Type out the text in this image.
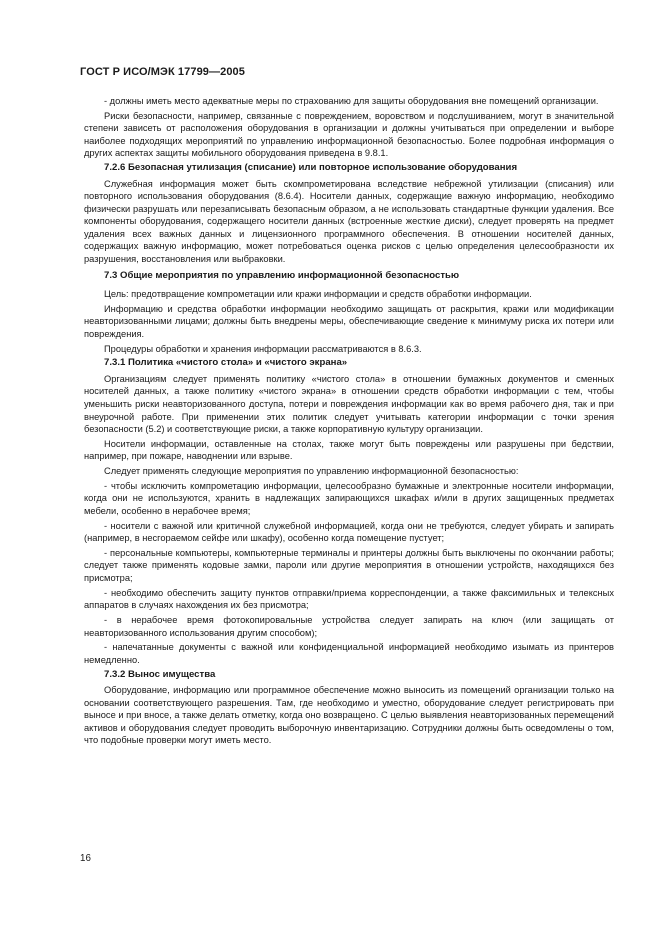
ГОСТ Р ИСО/МЭК 17799—2005

- должны иметь место адекватные меры по страхованию для защиты оборудования вне помещений организации.

Риски безопасности, например, связанные с повреждением, воровством и подслушиванием, могут в значительной степени зависеть от расположения оборудования в организации и должны учитываться при определении и выборе наиболее подходящих мероприятий по управлению информационной безопасностью. Более подробная информация о других аспектах защиты мобильного оборудования приведена в 9.8.1.

7.2.6 Безопасная утилизация (списание) или повторное использование оборудования

Служебная информация может быть скомпрометирована вследствие небрежной утилизации (списания) или повторного использования оборудования (8.6.4). Носители данных, содержащие важную информацию, необходимо физически разрушать или перезаписывать безопасным образом, а не использовать стандартные функции удаления. Все компоненты оборудования, содержащего носители данных (встроенные жесткие диски), следует проверять на предмет удаления всех важных данных и лицензионного программного обеспечения. В отношении носителей данных, содержащих важную информацию, может потребоваться оценка рисков с целью определения целесообразности их разрушения, восстановления или выбраковки.

7.3 Общие мероприятия по управлению информационной безопасностью

Цель: предотвращение компрометации или кражи информации и средств обработки информации.

Информацию и средства обработки информации необходимо защищать от раскрытия, кражи или модификации неавторизованными лицами; должны быть внедрены меры, обеспечивающие сведение к минимуму риска их потери или повреждения.

Процедуры обработки и хранения информации рассматриваются в 8.6.3.

7.3.1 Политика «чистого стола» и «чистого экрана»

Организациям следует применять политику «чистого стола» в отношении бумажных документов и сменных носителей данных, а также политику «чистого экрана» в отношении средств обработки информации с тем, чтобы уменьшить риски неавторизованного доступа, потери и повреждения информации как во время рабочего дня, так и при внеурочной работе. При применении этих политик следует учитывать категории информации с точки зрения безопасности (5.2) и соответствующие риски, а также корпоративную культуру организации.

Носители информации, оставленные на столах, также могут быть повреждены или разрушены при бедствии, например, при пожаре, наводнении или взрыве.

Следует применять следующие мероприятия по управлению информационной безопасностью:

- чтобы исключить компрометацию информации, целесообразно бумажные и электронные носители информации, когда они не используются, хранить в надлежащих запирающихся шкафах и/или в других защищенных предметах мебели, особенно в нерабочее время;

- носители с важной или критичной служебной информацией, когда они не требуются, следует убирать и запирать (например, в несгораемом сейфе или шкафу), особенно когда помещение пустует;

- персональные компьютеры, компьютерные терминалы и принтеры должны быть выключены по окончании работы; следует также применять кодовые замки, пароли или другие мероприятия в отношении устройств, находящихся без присмотра;

- необходимо обеспечить защиту пунктов отправки/приема корреспонденции, а также факсимильных и телексных аппаратов в случаях нахождения их без присмотра;

- в нерабочее время фотокопировальные устройства следует запирать на ключ (или защищать от неавторизованного использования другим способом);

- напечатанные документы с важной или конфиденциальной информацией необходимо изымать из принтеров немедленно.

7.3.2 Вынос имущества

Оборудование, информацию или программное обеспечение можно выносить из помещений организации только на основании соответствующего разрешения. Там, где необходимо и уместно, оборудование следует регистрировать при выносе и при вносе, а также делать отметку, когда оно возвращено. С целью выявления неавторизованных перемещений активов и оборудования следует проводить выборочную инвентаризацию. Сотрудники должны быть осведомлены о том, что подобные проверки могут иметь место.

16
